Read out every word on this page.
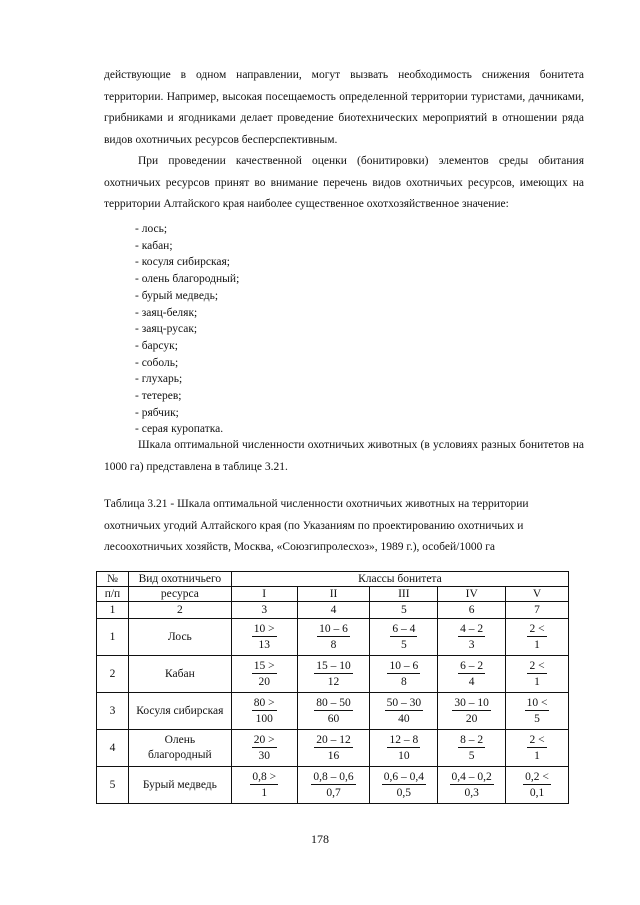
действующие в одном направлении, могут вызвать необходимость снижения бонитета территории. Например, высокая посещаемость определенной территории туристами, дачниками, грибниками и ягодниками делает проведение биотехнических мероприятий в отношении ряда видов охотничьих ресурсов бесперспективным.

При проведении качественной оценки (бонитировки) элементов среды обитания охотничьих ресурсов принят во внимание перечень видов охотничьих ресурсов, имеющих на территории Алтайского края наиболее существенное охотхозяйственное значение:

- лось;
- кабан;
- косуля сибирская;
- олень благородный;
- бурый медведь;
- заяц-беляк;
- заяц-русак;
- барсук;
- соболь;
- глухарь;
- тетерев;
- рябчик;
- серая куропатка.

Шкала оптимальной численности охотничьих животных (в условиях разных бонитетов на 1000 га) представлена в таблице 3.21.

Таблица 3.21 - Шкала оптимальной численности охотничьих животных на территории охотничьих угодий Алтайского края (по Указаниям по проектированию охотничьих и лесоохотничьих хозяйств, Москва, «Союзгипролесхоз», 1989 г.), особей/1000 га

№	Вид охотничьего	Классы бонитета				
п/п	ресурса	I	II	III	IV	V
1	2	3	4	5	6	7
1	Лось	$\frac{10 >}{13}$	$\frac{10 - 6}{8}$	$\frac{6 - 4}{5}$	$\frac{4 - 2}{3}$	$\frac{2 <}{1}$

2	Кабан	$\frac{15 >}{20}$	$\frac{15 - 10}{12}$	$\frac{10 - 6}{8}$	$\frac{6 - 2}{4}$	$\frac{2 <}{1}$

3	Косуля сибирская	$\frac{80 >}{100}$	$\frac{80 - 50}{60}$	$\frac{50 - 30}{40}$	$\frac{30 - 10}{20}$	$\frac{10 <}{5}$

4	Олень
благородный	$\frac{20 >}{30}$	$\frac{20 - 12}{16}$	$\frac{12 - 8}{10}$	$\frac{8 - 2}{5}$	$\frac{2 <}{1}$

5	Бурый медведь	$\frac{0,8 >}{1}$	$\frac{0,8 - 0,6}{0,7}$	$\frac{0,6 - 0,4}{0,5}$	$\frac{0,4 - 0,2}{0,3}$	$\frac{0,2 <}{0,1}$
178
